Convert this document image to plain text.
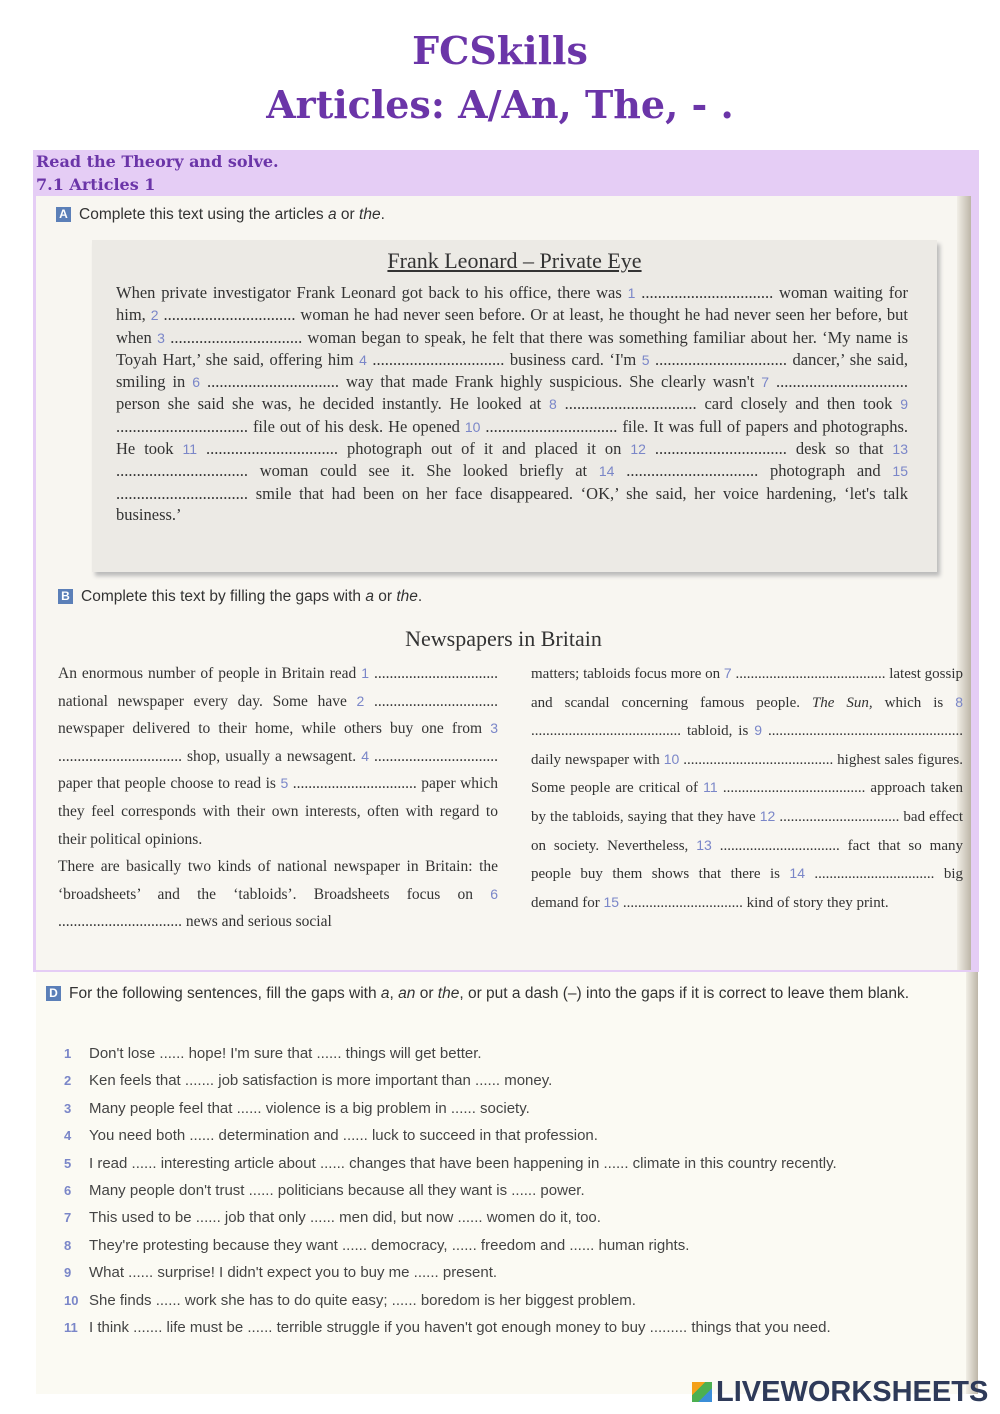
FCSkills
Articles: A/An, The, - .
Read the Theory and solve.
7.1 Articles 1
A Complete this text using the articles a or the.
Frank Leonard – Private Eye
When private investigator Frank Leonard got back to his office, there was 1 ................................ woman waiting for him, 2 ................................ woman he had never seen before. Or at least, he thought he had never seen her before, but when 3 ................................ woman began to speak, he felt that there was something familiar about her. ‘My name is Toyah Hart,’ she said, offering him 4 ................................ business card. ‘I'm 5 ................................ dancer,’ she said, smiling in 6 ................................ way that made Frank highly suspicious. She clearly wasn't 7 ................................ person she said she was, he decided instantly. He looked at 8 ................................ card closely and then took 9 ................................ file out of his desk. He opened 10 ................................ file. It was full of papers and photographs. He took 11 ................................ photograph out of it and placed it on 12 ................................ desk so that 13 ................................ woman could see it. She looked briefly at 14 ................................ photograph and 15 ................................ smile that had been on her face disappeared. ‘OK,’ she said, her voice hardening, ‘let's talk business.’
B Complete this text by filling the gaps with a or the.
Newspapers in Britain
An enormous number of people in Britain read 1 ................................ national newspaper every day. Some have 2 ................................ newspaper delivered to their home, while others buy one from 3 ................................ shop, usually a newsagent. 4 ................................ paper that people choose to read is 5 ................................ paper which they feel corresponds with their own interests, often with regard to their political opinions.
There are basically two kinds of national newspaper in Britain: the ‘broadsheets’ and the ‘tabloids’. Broadsheets focus on 6 ................................ news and serious social
matters; tabloids focus more on 7 ........................................ latest gossip and scandal concerning famous people. The Sun, which is 8 ........................................ tabloid, is 9 .................................................... daily newspaper with 10 ........................................ highest sales figures. Some people are critical of 11 ...................................... approach taken by the tabloids, saying that they have 12 ................................ bad effect on society. Nevertheless, 13 ................................ fact that so many people buy them shows that there is 14 ................................ big demand for 15 ................................ kind of story they print.
D For the following sentences, fill the gaps with a, an or the, or put a dash (–) into the gaps if it is correct to leave them blank.
1	Don't lose ...... hope! I'm sure that ...... things will get better.
2	Ken feels that ....... job satisfaction is more important than ...... money.
3	Many people feel that ...... violence is a big problem in ...... society.
4	You need both ...... determination and ...... luck to succeed in that profession.
5	I read ...... interesting article about ...... changes that have been happening in ...... climate in this country recently.
6	Many people don't trust ...... politicians because all they want is ...... power.
7	This used to be ...... job that only ...... men did, but now ...... women do it, too.
8	They're protesting because they want ...... democracy, ...... freedom and ...... human rights.
9	What ...... surprise! I didn't expect you to buy me ...... present.
10 She finds ...... work she has to do quite easy; ...... boredom is her biggest problem.
11 I think ....... life must be ...... terrible struggle if you haven't got enough money to buy ......... things that you need.
LIVEWORKSHEETS
